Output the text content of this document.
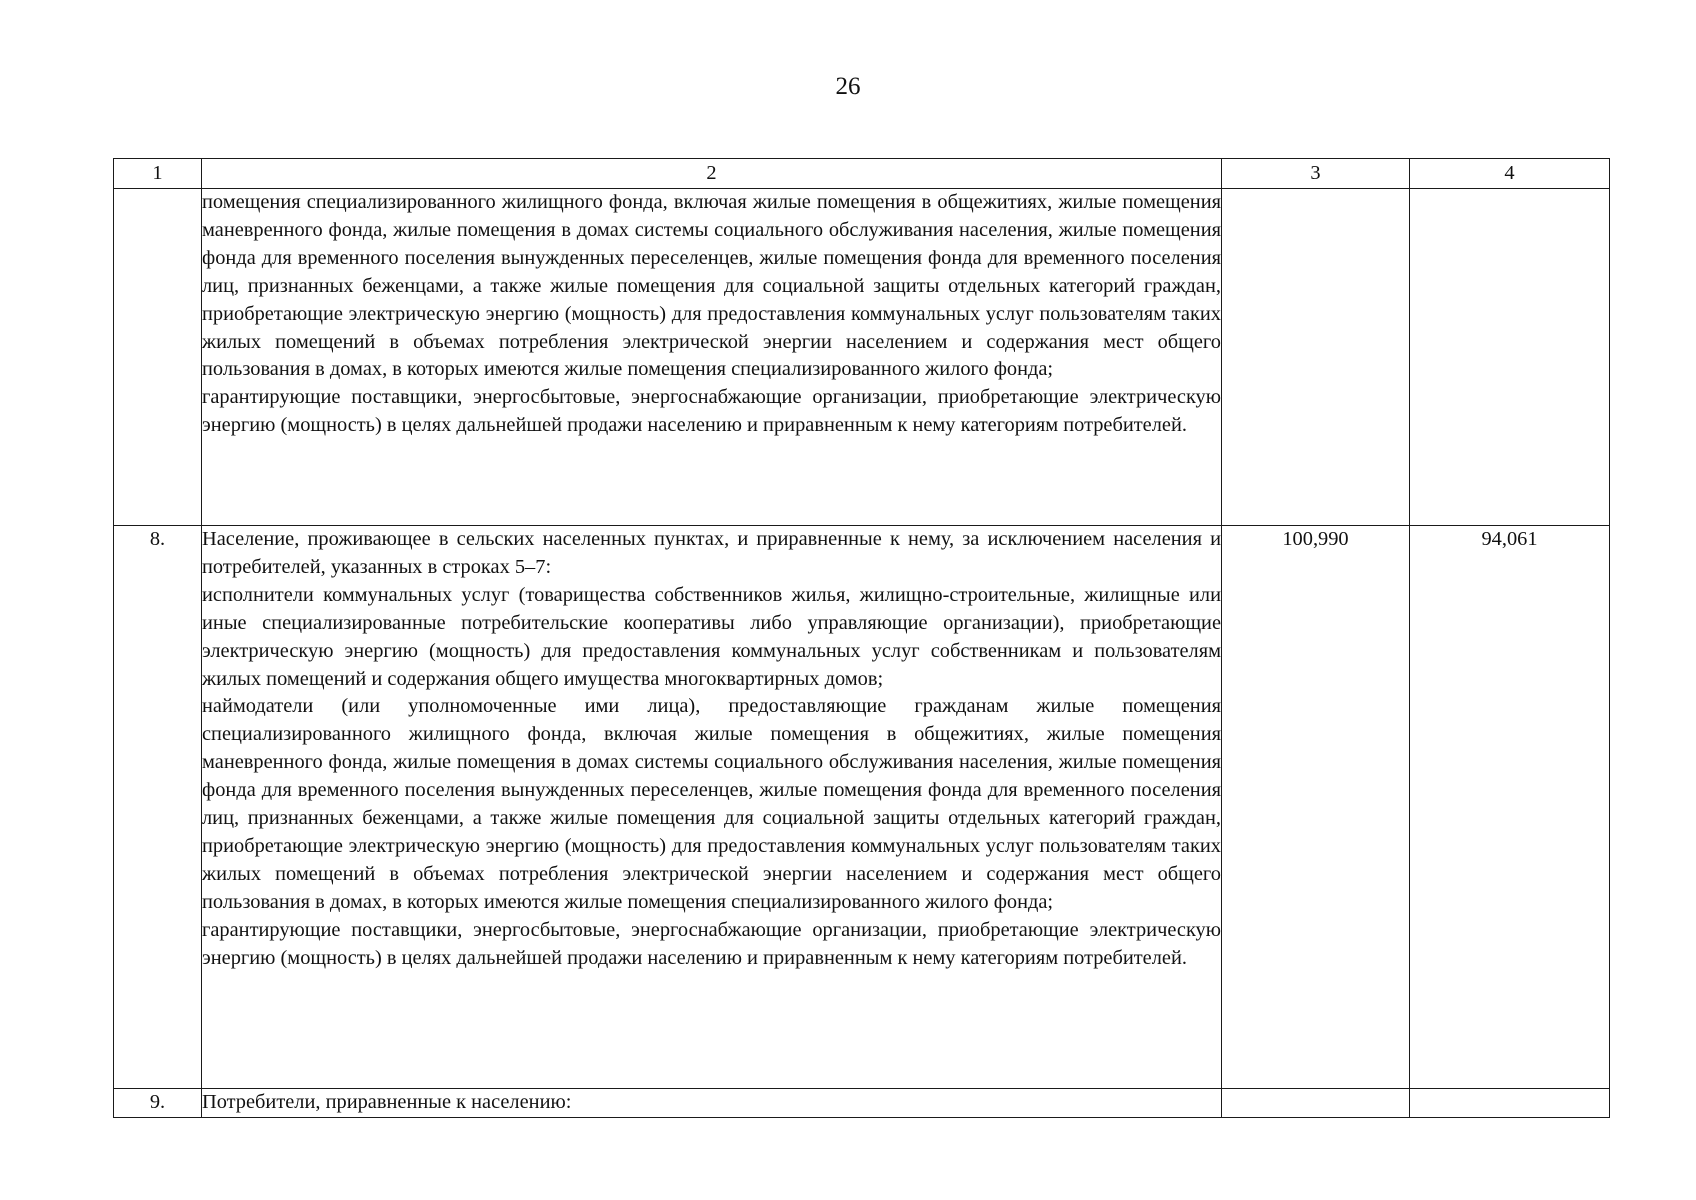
26
1	2	3	4

	помещения специализированного жилищного фонда, включая жилые помещения в общежитиях, жилые помещения маневренного фонда, жилые помещения в домах системы социального обслуживания населения, жилые помещения фонда для временного поселения вынужденных переселенцев, жилые помещения фонда для временного поселения лиц, признанных беженцами, а также жилые помещения для социальной защиты отдельных категорий граждан, приобретающие электрическую энергию (мощность) для предоставления коммунальных услуг пользователям таких жилых помещений в объемах потребления электрической энергии населением и содержания мест общего пользования в домах, в которых имеются жилые помещения специализированного жилого фонда;
гарантирующие поставщики, энергосбытовые, энергоснабжающие организации, приобретающие электрическую энергию (мощность) в целях дальнейшей продажи населению и приравненным к нему категориям потребителей.		

8.	Население, проживающее в сельских населенных пунктах, и приравненные к нему, за исключением населения и потребителей, указанных в строках 5–7:
исполнители коммунальных услуг (товарищества собственников жилья, жилищно-строительные, жилищные или иные специализированные потребительские кооперативы либо управляющие организации), приобретающие электрическую энергию (мощность) для предоставления коммунальных услуг собственникам и пользователям жилых помещений и содержания общего имущества многоквартирных домов;
наймодатели (или уполномоченные ими лица), предоставляющие гражданам жилые помещения специализированного жилищного фонда, включая жилые помещения в общежитиях, жилые помещения маневренного фонда, жилые помещения в домах системы социального обслуживания населения, жилые помещения фонда для временного поселения вынужденных переселенцев, жилые помещения фонда для временного поселения лиц, признанных беженцами, а также жилые помещения для социальной защиты отдельных категорий граждан, приобретающие электрическую энергию (мощность) для предоставления коммунальных услуг пользователям таких жилых помещений в объемах потребления электрической энергии населением и содержания мест общего пользования в домах, в которых имеются жилые помещения специализированного жилого фонда;
гарантирующие поставщики, энергосбытовые, энергоснабжающие организации, приобретающие электрическую энергию (мощность) в целях дальнейшей продажи населению и приравненным к нему категориям потребителей.	100,990	94,061
9.	Потребители, приравненные к населению:		
